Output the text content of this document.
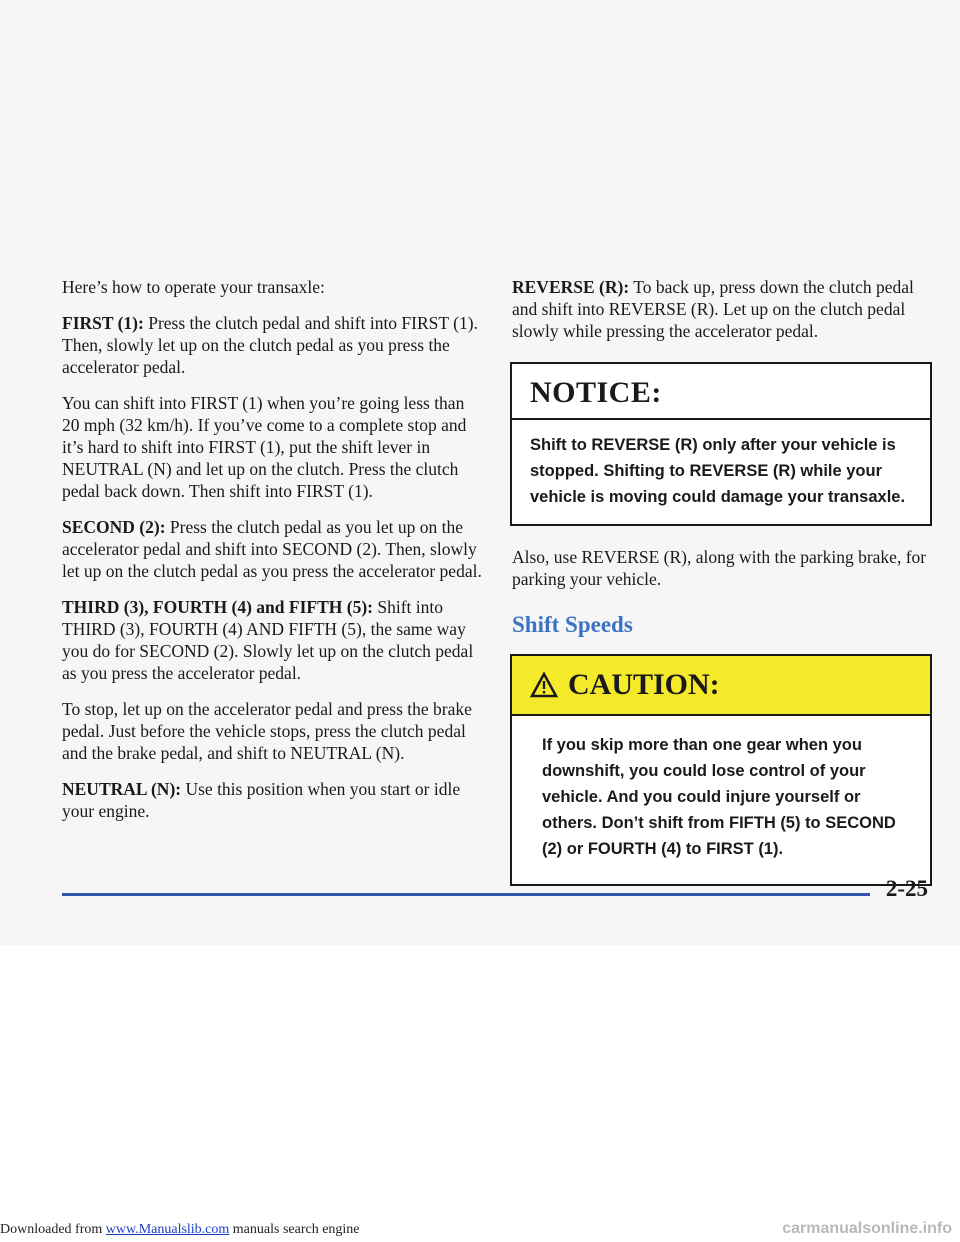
Here’s how to operate your transaxle:

FIRST (1): Press the clutch pedal and shift into FIRST (1). Then, slowly let up on the clutch pedal as you press the accelerator pedal.

You can shift into FIRST (1) when you’re going less than 20 mph (32 km/h). If you’ve come to a complete stop and it’s hard to shift into FIRST (1), put the shift lever in NEUTRAL (N) and let up on the clutch. Press the clutch pedal back down. Then shift into FIRST (1).

SECOND (2): Press the clutch pedal as you let up on the accelerator pedal and shift into SECOND (2). Then, slowly let up on the clutch pedal as you press the accelerator pedal.

THIRD (3), FOURTH (4) and FIFTH (5): Shift into THIRD (3), FOURTH (4) AND FIFTH (5), the same way you do for SECOND (2). Slowly let up on the clutch pedal as you press the accelerator pedal.

To stop, let up on the accelerator pedal and press the brake pedal. Just before the vehicle stops, press the clutch pedal and the brake pedal, and shift to NEUTRAL (N).

NEUTRAL (N): Use this position when you start or idle your engine.

REVERSE (R): To back up, press down the clutch pedal and shift into REVERSE (R). Let up on the clutch pedal slowly while pressing the accelerator pedal.

NOTICE:
Shift to REVERSE (R) only after your vehicle is stopped. Shifting to REVERSE (R) while your vehicle is moving could damage your transaxle.

Also, use REVERSE (R), along with the parking brake, for parking your vehicle.

Shift Speeds
CAUTION:
If you skip more than one gear when you downshift, you could lose control of your vehicle. And you could injure yourself or others. Don’t shift from FIFTH (5) to SECOND (2) or FOURTH (4) to FIRST (1).
2-25
Downloaded from www.Manualslib.com manuals search engine	carmanualsonline.info
